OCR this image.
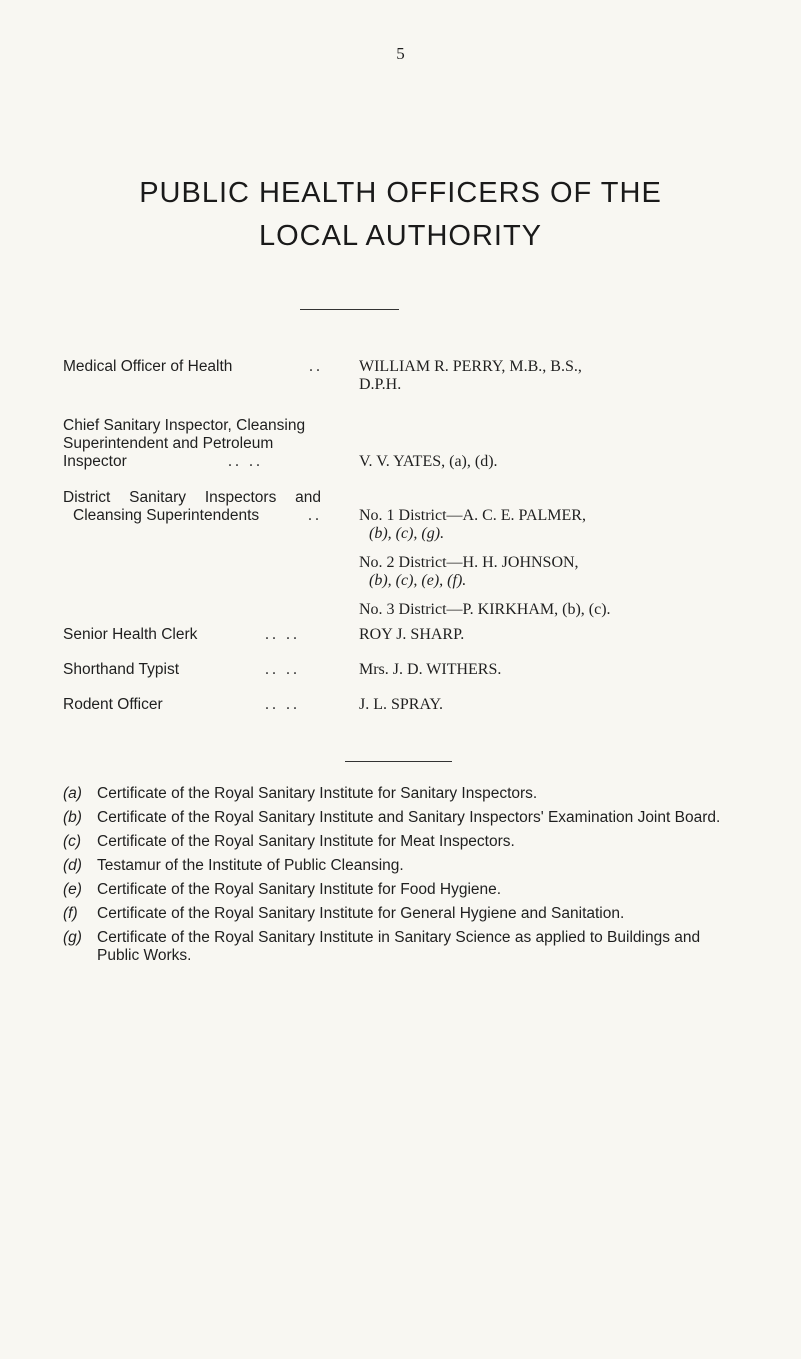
5
PUBLIC HEALTH OFFICERS OF THE
LOCAL AUTHORITY
Medical Officer of Health	.. WILLIAM R. PERRY, M.B., B.S.,
D.P.H.
Chief Sanitary Inspector, Cleansing
Superintendent and Petroleum
Inspector	.. ..	V. V. YATES, (a), (d).
District Sanitary Inspectors and
Cleansing Superintendents	.. No. 1 District—A. C. E. PALMER,
(b), (c), (g).
No. 2 District—H. H. JOHNSON,
(b), (c), (e), (f).
No. 3 District—P. KIRKHAM, (b), (c).
Senior Health Clerk	.. ..	ROY J. SHARP.
Shorthand Typist	.. ..	Mrs. J. D. WITHERS.
Rodent Officer	.. ..	J. L. SPRAY.
(a) Certificate of the Royal Sanitary Institute for Sanitary Inspectors.
(b) Certificate of the Royal Sanitary Institute and Sanitary Inspectors' Examination Joint Board.
(c) Certificate of the Royal Sanitary Institute for Meat Inspectors.
(d) Testamur of the Institute of Public Cleansing.
(e) Certificate of the Royal Sanitary Institute for Food Hygiene.
(f) Certificate of the Royal Sanitary Institute for General Hygiene and Sanitation.
(g) Certificate of the Royal Sanitary Institute in Sanitary Science as applied to Buildings and Public Works.
